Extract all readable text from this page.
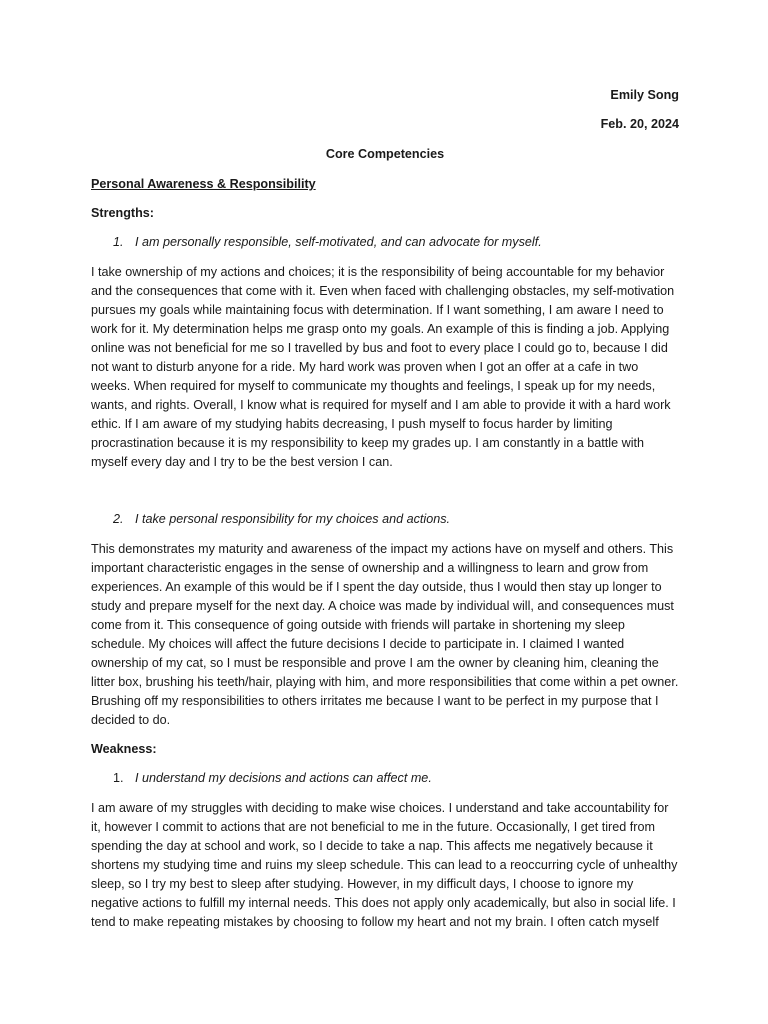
Emily Song

Feb. 20, 2024

Core Competencies

Personal Awareness & Responsibility

Strengths:

1. I am personally responsible, self-motivated, and can advocate for myself.

I take ownership of my actions and choices; it is the responsibility of being accountable for my behavior and the consequences that come with it. Even when faced with challenging obstacles, my self-motivation pursues my goals while maintaining focus with determination. If I want something, I am aware I need to work for it. My determination helps me grasp onto my goals. An example of this is finding a job. Applying online was not beneficial for me so I travelled by bus and foot to every place I could go to, because I did not want to disturb anyone for a ride. My hard work was proven when I got an offer at a cafe in two weeks. When required for myself to communicate my thoughts and feelings, I speak up for my needs, wants, and rights. Overall, I know what is required for myself and I am able to provide it with a hard work ethic. If I am aware of my studying habits decreasing, I push myself to focus harder by limiting procrastination because it is my responsibility to keep my grades up. I am constantly in a battle with myself every day and I try to be the best version I can.

2. I take personal responsibility for my choices and actions.

This demonstrates my maturity and awareness of the impact my actions have on myself and others. This important characteristic engages in the sense of ownership and a willingness to learn and grow from experiences. An example of this would be if I spent the day outside, thus I would then stay up longer to study and prepare myself for the next day. A choice was made by individual will, and consequences must come from it. This consequence of going outside with friends will partake in shortening my sleep schedule. My choices will affect the future decisions I decide to participate in. I claimed I wanted ownership of my cat, so I must be responsible and prove I am the owner by cleaning him, cleaning the litter box, brushing his teeth/hair, playing with him, and more responsibilities that come within a pet owner. Brushing off my responsibilities to others irritates me because I want to be perfect in my purpose that I decided to do.

Weakness:

1. I understand my decisions and actions can affect me.

I am aware of my struggles with deciding to make wise choices. I understand and take accountability for it, however I commit to actions that are not beneficial to me in the future. Occasionally, I get tired from spending the day at school and work, so I decide to take a nap. This affects me negatively because it shortens my studying time and ruins my sleep schedule. This can lead to a reoccurring cycle of unhealthy sleep, so I try my best to sleep after studying. However, in my difficult days, I choose to ignore my negative actions to fulfill my internal needs. This does not apply only academically, but also in social life. I tend to make repeating mistakes by choosing to follow my heart and not my brain. I often catch myself
